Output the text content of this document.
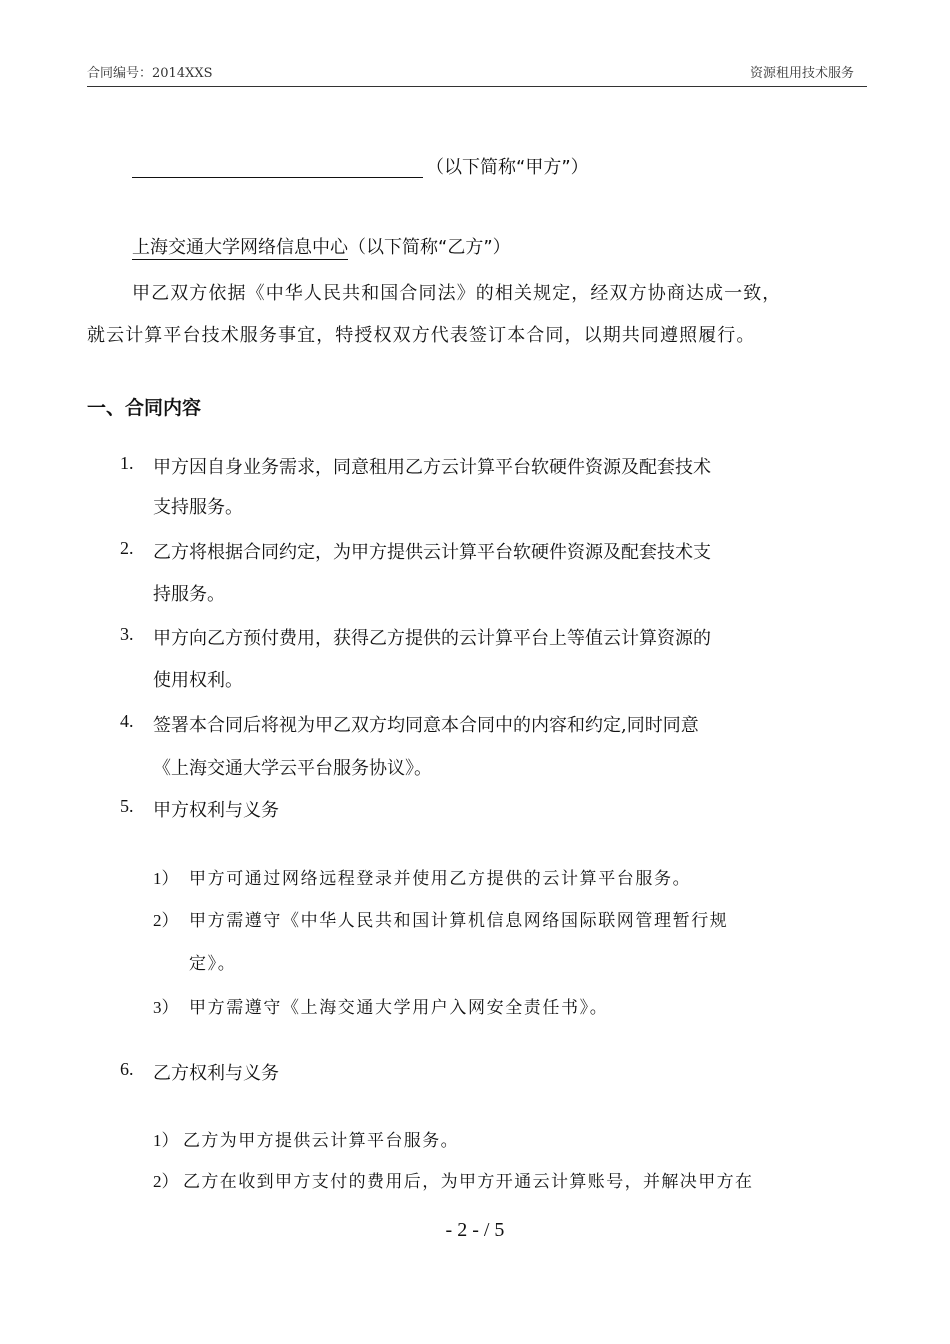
合同编号：2014XXS	资源租用技术服务
（以下简称“甲方”）
上海交通大学网络信息中心（以下简称“乙方”）
甲乙双方依据《中华人民共和国合同法》的相关规定，经双方协商达成一致，
就云计算平台技术服务事宜，特授权双方代表签订本合同，以期共同遵照履行。
一、合同内容
1. 甲方因自身业务需求，同意租用乙方云计算平台软硬件资源及配套技术
支持服务。
2. 乙方将根据合同约定，为甲方提供云计算平台软硬件资源及配套技术支
持服务。
3. 甲方向乙方预付费用，获得乙方提供的云计算平台上等值云计算资源的
使用权利。
4. 签署本合同后将视为甲乙双方均同意本合同中的内容和约定,同时同意
《上海交通大学云平台服务协议》。
5. 甲方权利与义务
1） 甲方可通过网络远程登录并使用乙方提供的云计算平台服务。
2） 甲方需遵守《中华人民共和国计算机信息网络国际联网管理暂行规
定》。
3） 甲方需遵守《上海交通大学用户入网安全责任书》。
6. 乙方权利与义务
1） 乙方为甲方提供云计算平台服务。
2） 乙方在收到甲方支付的费用后，为甲方开通云计算账号，并解决甲方在
- 2 - / 5
